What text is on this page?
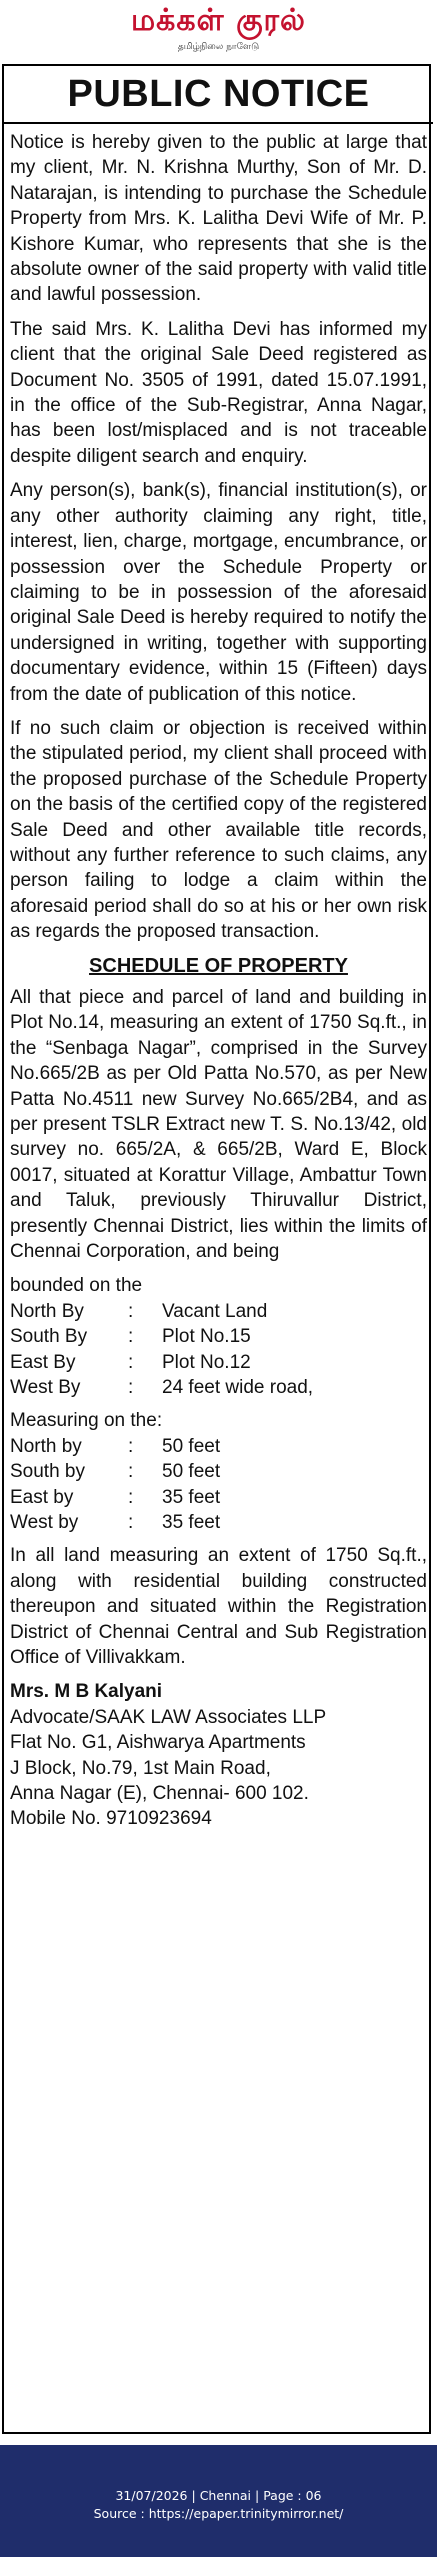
மக்கள் குரல்
தமிழ்நிலை நாளேடு
PUBLIC NOTICE

Notice is hereby given to the public at large that my client, Mr. N. Krishna Murthy, Son of Mr. D. Natarajan, is intending to purchase the Schedule Property from Mrs. K. Lalitha Devi Wife of Mr. P. Kishore Kumar, who represents that she is the absolute owner of the said property with valid title and lawful possession.

The said Mrs. K. Lalitha Devi has informed my client that the original Sale Deed registered as Document No. 3505 of 1991, dated 15.07.1991, in the office of the Sub-Registrar, Anna Nagar, has been lost/misplaced and is not traceable despite diligent search and enquiry.

Any person(s), bank(s), financial institution(s), or any other authority claiming any right, title, interest, lien, charge, mortgage, encumbrance, or possession over the Schedule Property or claiming to be in possession of the aforesaid original Sale Deed is hereby required to notify the undersigned in writing, together with supporting documentary evidence, within 15 (Fifteen) days from the date of publication of this notice.

If no such claim or objection is received within the stipulated period, my client shall proceed with the proposed purchase of the Schedule Property on the basis of the certified copy of the registered Sale Deed and other available title records, without any further reference to such claims, any person failing to lodge a claim within the aforesaid period shall do so at his or her own risk as regards the proposed transaction.

SCHEDULE OF PROPERTY

All that piece and parcel of land and building in Plot No.14, measuring an extent of 1750 Sq.ft., in the “Senbaga Nagar”, comprised in the Survey No.665/2B as per Old Patta No.570, as per New Patta No.4511 new Survey No.665/2B4, and as per present TSLR Extract new T. S. No.13/42, old survey no. 665/2A, & 665/2B, Ward E, Block 0017, situated at Korattur Village, Ambattur Town and Taluk, previously Thiruvallur District, presently Chennai District, lies within the limits of Chennai Corporation, and being

bounded on the

North By	:	Vacant Land
South By	:	Plot No.15
East By	:	Plot No.12
West By	:	24 feet wide road,

Measuring on the:

North by	:	50 feet
South by	:	50 feet
East by	:	35 feet
West by	:	35 feet

In all land measuring an extent of 1750 Sq.ft., along with residential building constructed thereupon and situated within the Registration District of Chennai Central and Sub Registration Office of Villivakkam.

Mrs. M B Kalyani

Advocate/SAAK LAW Associates LLP

Flat No. G1, Aishwarya Apartments

J Block, No.79, 1st Main Road,

Anna Nagar (E), Chennai- 600 102.

Mobile No. 9710923694

31/07/2026 | Chennai | Page : 06
Source : https://epaper.trinitymirror.net/
